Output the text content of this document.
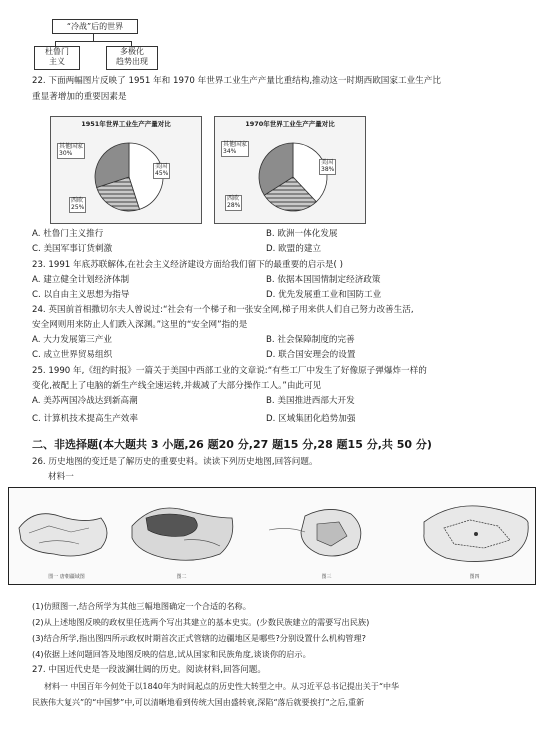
“冷战”后的世界
杜鲁门
主义
多极化
趋势出现
22. 下面两幅图片反映了 1951 年和 1970 年世界工业生产产量比重结构,推动这一时期西欧国家工业生产比
重显著增加的重要因素是
1951年世界工业生产产量对比
美国
45%
其他国家
30%
西欧
25%
1970年世界工业生产产量对比
美国
38%
其他国家
34%
西欧
28%
A. 杜鲁门主义推行	B. 欧洲一体化发展
C. 美国军事订货刺激	D. 欧盟的建立
23. 1991 年底苏联解体,在社会主义经济建设方面给我们留下的最重要的启示是( )
A. 建立健全计划经济体制	B. 依据本国国情制定经济政策
C. 以自由主义思想为指导	D. 优先发展重工业和国防工业
24. 英国前首相撒切尔夫人曾说过:“社会有一个梯子和一张安全网,梯子用来供人们自己努力改善生活,
安全网则用来防止人们跌入深渊。”这里的“安全网”指的是
A. 大力发展第三产业	B. 社会保障制度的完善
C. 成立世界贸易组织	D. 联合国安理会的设置
25. 1990 年,《纽约时报》一篇关于美国中西部工业的文章说:“有些工厂中发生了好像原子弹爆炸一样的
变化,被配上了电脑的新生产线全速运转,并裁减了大部分操作工人。”由此可见
A. 美苏两国冷战达到新高潮	B. 美国推进西部大开发
C. 计算机技术提高生产效率	D. 区域集团化趋势加强
二、非选择题(本大题共 3 小题,26 题20 分,27 题15 分,28 题15 分,共 50 分)
26. 历史地图的变迁是了解历史的重要史料。读读下列历史地图,回答问题。
材料一
图一 唐朝疆域图	图二	图三	图四
(1)仿照图一,结合所学为其他三幅地图确定一个合适的名称。
(2)从上述地图反映的政权里任选两个写出其建立的基本史实。(少数民族建立的需要写出民族)
(3)结合所学,指出图四所示政权时期首次正式管辖的边疆地区是哪些?分别设置什么机构管理?
(4)依据上述问题回答及地图反映的信息,试从国家和民族角度,谈谈你的启示。
27. 中国近代史是一段波澜壮阔的历史。阅读材料,回答问题。
材料一 中国百年今何处于以1840年为时间起点的历史性大转型之中。从习近平总书记提出关于“中华
民族伟大复兴”的“中国梦”中,可以清晰地看到传统大国由盛转衰,深陷“落后就要挨打”之后,重新
